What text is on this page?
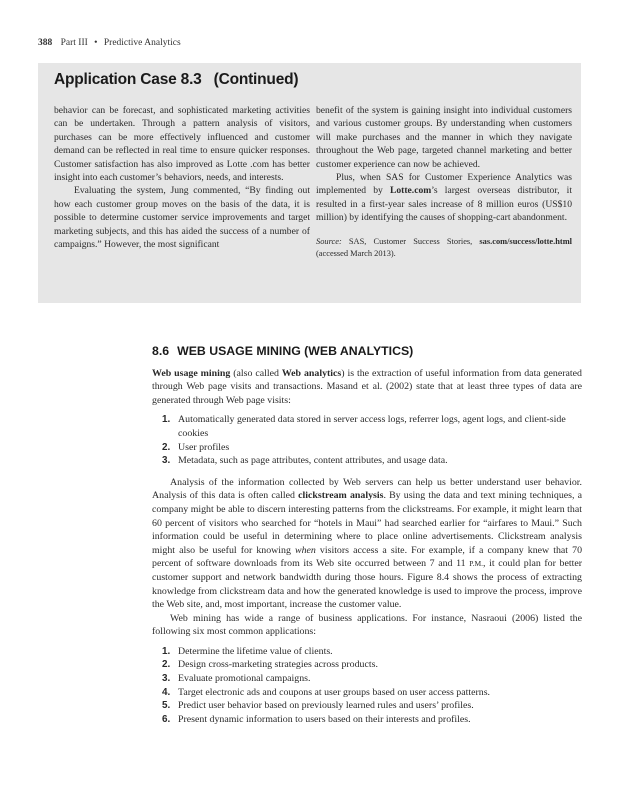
388 Part III • Predictive Analytics
Application Case 8.3 (Continued)

behavior can be forecast, and sophisticated marketing activities can be undertaken. Through a pattern analysis of visitors, purchases can be more effectively influenced and customer demand can be reflected in real time to ensure quicker responses. Customer satisfaction has also improved as Lotte .com has better insight into each customer’s behaviors, needs, and interests.

Evaluating the system, Jung commented, “By finding out how each customer group moves on the basis of the data, it is possible to determine customer service improvements and target marketing subjects, and this has aided the success of a number of campaigns.” However, the most significant

benefit of the system is gaining insight into individual customers and various customer groups. By understanding when customers will make purchases and the manner in which they navigate throughout the Web page, targeted channel marketing and better customer experience can now be achieved.

Plus, when SAS for Customer Experience Analytics was implemented by Lotte.com’s largest overseas distributor, it resulted in a first-year sales increase of 8 million euros (US$10 million) by identifying the causes of shopping-cart abandonment.

Source: SAS, Customer Success Stories, sas.com/success/lotte.html (accessed March 2013).

8.6 WEB USAGE MINING (WEB ANALYTICS)

Web usage mining (also called Web analytics) is the extraction of useful information from data generated through Web page visits and transactions. Masand et al. (2002) state that at least three types of data are generated through Web page visits:

1. Automatically generated data stored in server access logs, referrer logs, agent logs, and client-side cookies
2. User profiles
3. Metadata, such as page attributes, content attributes, and usage data.

Analysis of the information collected by Web servers can help us better understand user behavior. Analysis of this data is often called clickstream analysis. By using the data and text mining techniques, a company might be able to discern interesting patterns from the clickstreams. For example, it might learn that 60 percent of visitors who searched for “hotels in Maui” had searched earlier for “airfares to Maui.” Such information could be useful in determining where to place online advertisements. Clickstream analysis might also be useful for knowing when visitors access a site. For example, if a company knew that 70 percent of software downloads from its Web site occurred between 7 and 11 P.M., it could plan for better customer support and network bandwidth during those hours. Figure 8.4 shows the process of extracting knowledge from clickstream data and how the generated knowledge is used to improve the process, improve the Web site, and, most important, increase the customer value.

Web mining has wide a range of business applications. For instance, Nasraoui (2006) listed the following six most common applications:

1. Determine the lifetime value of clients.
2. Design cross-marketing strategies across products.
3. Evaluate promotional campaigns.
4. Target electronic ads and coupons at user groups based on user access patterns.
5. Predict user behavior based on previously learned rules and users’ profiles.
6. Present dynamic information to users based on their interests and profiles.
